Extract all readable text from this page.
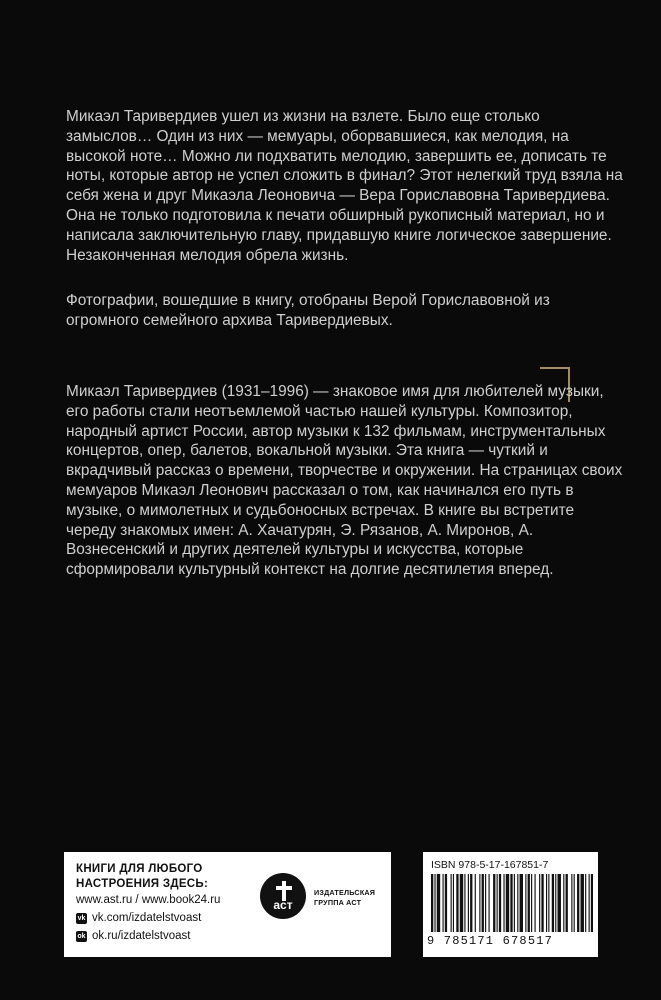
Микаэл Таривердиев ушел из жизни на взлете. Было еще столько замыслов… Один из них — мемуары, оборвавшиеся, как мелодия, на высокой ноте… Можно ли подхватить мелодию, завершить ее, дописать те ноты, которые автор не успел сложить в финал? Этот нелегкий труд взяла на себя жена и друг Микаэла Леоновича — Вера Гориславовна Таривердиева. Она не только подготовила к печати обширный рукописный материал, но и написала заключительную главу, придавшую книге логическое завершение. Незаконченная мелодия обрела жизнь.

Фотографии, вошедшие в книгу, отобраны Верой Гориславовной из огромного семейного архива Таривердиевых.

Микаэл Таривердиев (1931–1996) — знаковое имя для любителей музыки, его работы стали неотъемлемой частью нашей культуры. Композитор, народный артист России, автор музыки к 132 фильмам, инструментальных концертов, опер, балетов, вокальной музыки. Эта книга — чуткий и вкрадчивый рассказ о времени, творчестве и окружении. На страницах своих мемуаров Микаэл Леонович рассказал о том, как начинался его путь в музыке, о мимолетных и судьбоносных встречах. В книге вы встретите череду знакомых имен: А. Хачатурян, Э. Рязанов, А. Миронов, А. Вознесенский и других деятелей культуры и искусства, которые сформировали культурный контекст на долгие десятилетия вперед.

КНИГИ ДЛЯ ЛЮБОГО НАСТРОЕНИЯ ЗДЕСЬ:
www.ast.ru / www.book24.ru
vk vk.com/izdatelstvoast
ok ok.ru/izdatelstvoast
аст
ИЗДАТЕЛЬСКАЯ
ГРУППА АСТ
ISBN 978-5-17-167851-7
9 785171 678517
